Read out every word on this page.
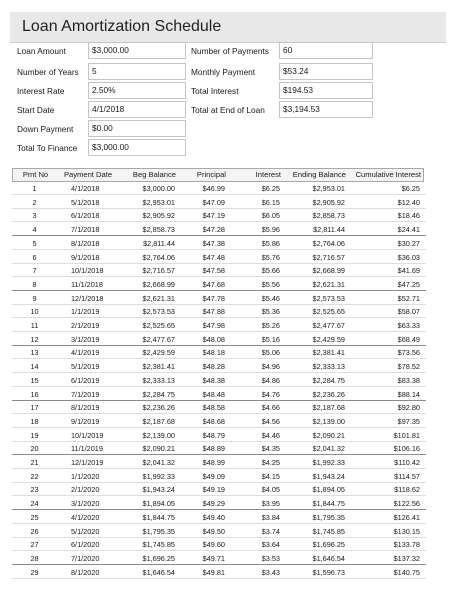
Loan Amortization Schedule
Loan Amount	$3,000.00
Number of Years	5
Interest Rate	2.50%
Start Date	4/1/2018
Down Payment	$0.00
Total To Finance	$3,000.00
Number of Payments	60
Monthly Payment	$53.24
Total Interest	$194.53
Total at End of Loan	$3,194.53
Pmt No	Payment Date	Beg Balance	Principal	Interest	Ending Balance	Cumulative Interest
1	4/1/2018	$3,000.00	$46.99	$6.25	$2,953.01	$6.25
2	5/1/2018	$2,953.01	$47.09	$6.15	$2,905.92	$12.40
3	6/1/2018	$2,905.92	$47.19	$6.05	$2,858.73	$18.46
4	7/1/2018	$2,858.73	$47.28	$5.96	$2,811.44	$24.41
5	8/1/2018	$2,811.44	$47.38	$5.86	$2,764.06	$30.27
6	9/1/2018	$2,764.06	$47.48	$5.76	$2,716.57	$36.03
7	10/1/2018	$2,716.57	$47.58	$5.66	$2,668.99	$41.69
8	11/1/2018	$2,668.99	$47.68	$5.56	$2,621.31	$47.25
9	12/1/2018	$2,621.31	$47.78	$5.46	$2,573.53	$52.71
10	1/1/2019	$2,573.53	$47.88	$5.36	$2,525.65	$58.07
11	2/1/2019	$2,525.65	$47.98	$5.26	$2,477.67	$63.33
12	3/1/2019	$2,477.67	$48.08	$5.16	$2,429.59	$68.49
13	4/1/2019	$2,429.59	$48.18	$5.06	$2,381.41	$73.56
14	5/1/2019	$2,381.41	$48.28	$4.96	$2,333.13	$78.52
15	6/1/2019	$2,333.13	$48.38	$4.86	$2,284.75	$83.38
16	7/1/2019	$2,284.75	$48.48	$4.76	$2,236.26	$88.14
17	8/1/2019	$2,236.26	$48.58	$4.66	$2,187.68	$92.80
18	9/1/2019	$2,187.68	$48.68	$4.56	$2,139.00	$97.35
19	10/1/2019	$2,139.00	$48.79	$4.46	$2,090.21	$101.81
20	11/1/2019	$2,090.21	$48.89	$4.35	$2,041.32	$106.16
21	12/1/2019	$2,041.32	$48.99	$4.25	$1,992.33	$110.42
22	1/1/2020	$1,992.33	$49.09	$4.15	$1,943.24	$114.57
23	2/1/2020	$1,943.24	$49.19	$4.05	$1,894.05	$118.62
24	3/1/2020	$1,894.05	$49.29	$3.95	$1,844.75	$122.56
25	4/1/2020	$1,844.75	$49.40	$3.84	$1,795.35	$126.41
26	5/1/2020	$1,795.35	$49.50	$3.74	$1,745.85	$130.15
27	6/1/2020	$1,745.85	$49.60	$3.64	$1,696.25	$133.78
28	7/1/2020	$1,696.25	$49.71	$3.53	$1,646.54	$137.32
29	8/1/2020	$1,646.54	$49.81	$3.43	$1,596.73	$140.75
